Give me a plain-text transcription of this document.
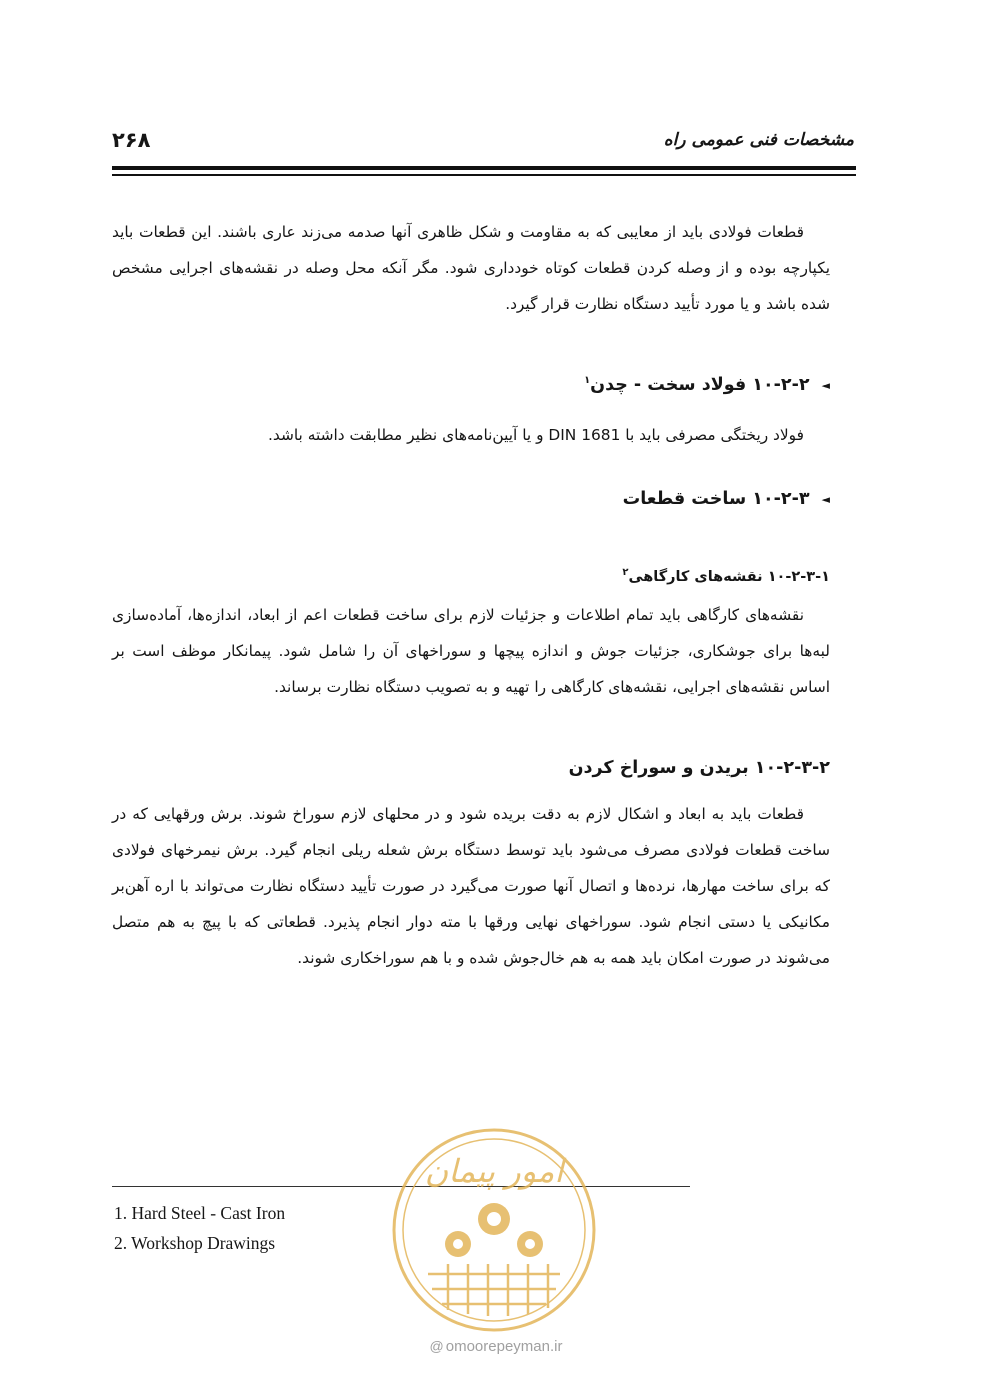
۲۶۸	مشخصات فنی عمومی راه
قطعات فولادی باید از معایبی که به مقاومت و شکل ظاهری آنها صدمه می‌زند عاری باشند. این قطعات باید یکپارچه بوده و از وصله کردن قطعات کوتاه خودداری شود. مگر آنکه محل وصله در نقشه‌های اجرایی مشخص شده باشد و یا مورد تأیید دستگاه نظارت قرار گیرد.
◄۱۰-۲-۲ فولاد سخت - چدن$^۱$
فولاد ریختگی مصرفی باید با DIN 1681 و یا آیین‌نامه‌های نظیر مطابقت داشته باشد.
◄۱۰-۲-۳ ساخت قطعات
۱۰-۲-۳-۱ نقشه‌های کارگاهی$^۲$
نقشه‌های کارگاهی باید تمام اطلاعات و جزئیات لازم برای ساخت قطعات اعم از ابعاد، اندازه‌ها، آماده‌سازی لبه‌ها برای جوشکاری، جزئیات جوش و اندازه پیچها و سوراخهای آن را شامل شود. پیمانکار موظف است بر اساس نقشه‌های اجرایی، نقشه‌های کارگاهی را تهیه و به تصویب دستگاه نظارت برساند.
۱۰-۲-۳-۲ بریدن و سوراخ کردن
قطعات باید به ابعاد و اشکال لازم به دقت بریده شود و در محلهای لازم سوراخ شوند. برش ورقهایی که در ساخت قطعات فولادی مصرف می‌شود باید توسط دستگاه برش شعله ریلی انجام گیرد. برش نیمرخهای فولادی که برای ساخت مهارها، نرده‌ها و اتصال آنها صورت می‌گیرد در صورت تأیید دستگاه نظارت می‌تواند با اره آهن‌بر مکانیکی یا دستی انجام شود. سوراخهای نهایی ورقها با مته دوار انجام پذیرد. قطعاتی که با پیچ به هم متصل می‌شوند در صورت امکان باید همه به هم خال‌جوش شده و با هم سوراخکاری شوند.
1. Hard Steel - Cast Iron
2. Workshop Drawings
امور پیمان
@ omoorepeyman.ir
